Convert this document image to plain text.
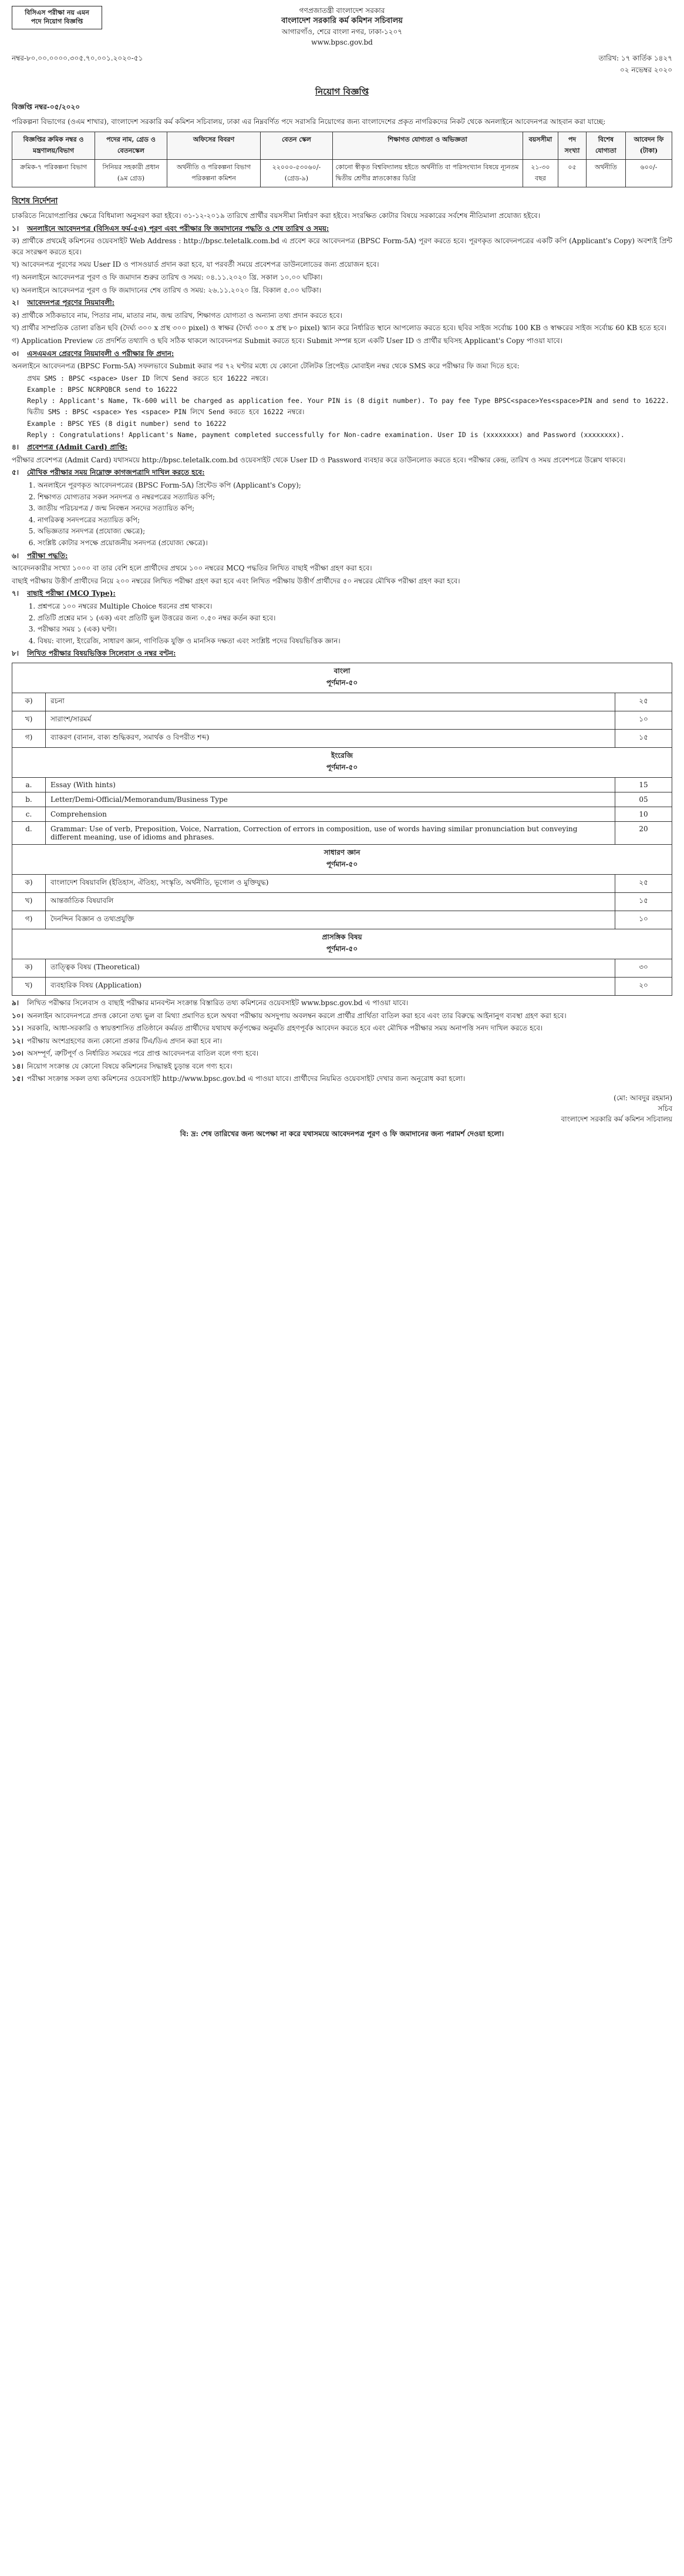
বিসিএস পরীক্ষা নয় এমন
পদে নিয়োগ বিজ্ঞপ্তি
গণপ্রজাতন্ত্রী বাংলাদেশ সরকার
বাংলাদেশ সরকারি কর্ম কমিশন সচিবালয়
আগারগাঁও, শেরে বাংলা নগর, ঢাকা-১২০৭
www.bpsc.gov.bd
নম্বর-৮০.০০.০০০০.৩০৫.৭০.০০১.২০২০-৫১	তারিখ: ১৭ কার্তিক ১৪২৭
০২ নভেম্বর ২০২০
নিয়োগ বিজ্ঞপ্তি
বিজ্ঞপ্তি নম্বর-০৫/২০২০

পরিকল্পনা বিভাগের (ওএম শাখার), বাংলাদেশ সরকারি কর্ম কমিশন সচিবালয়, ঢাকা এর নিম্নবর্ণিত পদে সরাসরি নিয়োগের জন্য বাংলাদেশের প্রকৃত নাগরিকদের নিকট থেকে অনলাইনে আবেদনপত্র আহবান করা যাচ্ছে:

বিজ্ঞপ্তির ক্রমিক নম্বর ও মন্ত্রণালয়/বিভাগ	পদের নাম, গ্রেড ও বেতনস্কেল	অফিসের বিবরণ	বেতন স্কেল	শিক্ষাগত যোগ্যতা ও অভিজ্ঞতা	বয়সসীমা	পদ সংখ্যা	বিশেষ যোগ্যতা	আবেদন ফি (টাকা)
ক্রমিক-৭ পরিকল্পনা বিভাগ	সিনিয়র সহকারী প্রধান (৯ম গ্রেড)	অর্থনীতি ও পরিকল্পনা বিভাগ পরিকল্পনা কমিশন	২২০০০-৫৩০৬০/- (গ্রেড-৯)	কোনো স্বীকৃত বিশ্ববিদ্যালয় হইতে অর্থনীতি বা পরিসংখ্যান বিষয়ে ন্যূনতম দ্বিতীয় শ্রেণীর স্নাতকোত্তর ডিগ্রি	২১-৩০ বছর	০৫	অর্থনীতি	৬০০/-
বিশেষ নির্দেশনা

চাকরিতে নিয়োগপ্রাপ্তির ক্ষেত্রে বিধিমালা অনুসরণ করা হইবে। ৩১-১২-২০১৯ তারিখে প্রার্থীর বয়সসীমা নির্ধারণ করা হইবে। সংরক্ষিত কোটার বিষয়ে সরকারের সর্বশেষ নীতিমালা প্রযোজ্য হইবে।

১। অনলাইনে আবেদনপত্র (বিসিএস ফর্ম-৫এ) পূরণ এবং পরীক্ষার ফি জমাদানের পদ্ধতি ও শেষ তারিখ ও সময়:

ক) প্রার্থীকে প্রথমেই কমিশনের ওয়েবসাইট Web Address : http://bpsc.teletalk.com.bd এ প্রবেশ করে আবেদনপত্র (BPSC Form-5A) পূরণ করতে হবে। পূরণকৃত আবেদনপত্রের একটি কপি (Applicant's Copy) অবশ্যই প্রিন্ট করে সংরক্ষণ করতে হবে।

খ) আবেদনপত্র পূরণের সময় User ID ও পাসওয়ার্ড প্রদান করা হবে, যা পরবর্তী সময়ে প্রবেশপত্র ডাউনলোডের জন্য প্রয়োজন হবে।

গ) অনলাইনে আবেদনপত্র পূরণ ও ফি জমাদান শুরুর তারিখ ও সময়: ০৪.১১.২০২০ খ্রি. সকাল ১০.০০ ঘটিকা।

ঘ) অনলাইনে আবেদনপত্র পূরণ ও ফি জমাদানের শেষ তারিখ ও সময়: ২৬.১১.২০২০ খ্রি. বিকাল ৫.০০ ঘটিকা।

২। আবেদনপত্র পূরণের নিয়মাবলী:

ক) প্রার্থীকে সঠিকভাবে নাম, পিতার নাম, মাতার নাম, জন্ম তারিখ, শিক্ষাগত যোগ্যতা ও অন্যান্য তথ্য প্রদান করতে হবে।

খ) প্রার্থীর সাম্প্রতিক তোলা রঙিন ছবি (দৈর্ঘ্য ৩০০ x প্রস্থ ৩০০ pixel) ও স্বাক্ষর (দৈর্ঘ্য ৩০০ x প্রস্থ ৮০ pixel) স্ক্যান করে নির্ধারিত স্থানে আপলোড করতে হবে। ছবির সাইজ সর্বোচ্চ 100 KB ও স্বাক্ষরের সাইজ সর্বোচ্চ 60 KB হতে হবে।

গ) Application Preview তে প্রদর্শিত তথ্যাদি ও ছবি সঠিক থাকলে আবেদনপত্র Submit করতে হবে। Submit সম্পন্ন হলে একটি User ID ও প্রার্থীর ছবিসহ Applicant's Copy পাওয়া যাবে।

৩। এসএমএস প্রেরণের নিয়মাবলী ও পরীক্ষার ফি প্রদান:

অনলাইনে আবেদনপত্র (BPSC Form-5A) সফলভাবে Submit করার পর ৭২ ঘণ্টার মধ্যে যে কোনো টেলিটক প্রিপেইড মোবাইল নম্বর থেকে SMS করে পরীক্ষার ফি জমা দিতে হবে:

প্রথম SMS : BPSC <space> User ID লিখে Send করতে হবে 16222 নম্বরে।
Example : BPSC NCRPQBCR send to 16222
Reply : Applicant's Name, Tk-600 will be charged as application fee. Your PIN is (8 digit number). To pay fee Type BPSC<space>Yes<space>PIN and send to 16222.
দ্বিতীয় SMS : BPSC <space> Yes <space> PIN লিখে Send করতে হবে 16222 নম্বরে।
Example : BPSC YES (8 digit number) send to 16222
Reply : Congratulations! Applicant's Name, payment completed successfully for Non-cadre examination. User ID is (xxxxxxxx) and Password (xxxxxxxx).

৪। প্রবেশপত্র (Admit Card) প্রাপ্তি:

পরীক্ষার প্রবেশপত্র (Admit Card) যথাসময়ে http://bpsc.teletalk.com.bd ওয়েবসাইট থেকে User ID ও Password ব্যবহার করে ডাউনলোড করতে হবে। পরীক্ষার কেন্দ্র, তারিখ ও সময় প্রবেশপত্রে উল্লেখ থাকবে।

৫। মৌখিক পরীক্ষার সময় নিম্নোক্ত কাগজপত্রাদি দাখিল করতে হবে:

1. অনলাইনে পূরণকৃত আবেদনপত্রের (BPSC Form-5A) প্রিন্টেড কপি (Applicant's Copy);
2. শিক্ষাগত যোগ্যতার সকল সনদপত্র ও নম্বরপত্রের সত্যায়িত কপি;
3. জাতীয় পরিচয়পত্র / জন্ম নিবন্ধন সনদের সত্যায়িত কপি;
4. নাগরিকত্ব সনদপত্রের সত্যায়িত কপি;
5. অভিজ্ঞতার সনদপত্র (প্রযোজ্য ক্ষেত্রে);
6. সংশ্লিষ্ট কোটার সপক্ষে প্রয়োজনীয় সনদপত্র (প্রযোজ্য ক্ষেত্রে)।

৬। পরীক্ষা পদ্ধতি:

আবেদনকারীর সংখ্যা ১০০০ বা তার বেশি হলে প্রার্থীদের প্রথমে ১০০ নম্বরের MCQ পদ্ধতির লিখিত বাছাই পরীক্ষা গ্রহণ করা হবে।

বাছাই পরীক্ষায় উত্তীর্ণ প্রার্থীদের নিয়ে ২০০ নম্বরের লিখিত পরীক্ষা গ্রহণ করা হবে এবং লিখিত পরীক্ষায় উত্তীর্ণ প্রার্থীদের ৫০ নম্বরের মৌখিক পরীক্ষা গ্রহণ করা হবে।

৭। বাছাই পরীক্ষা (MCQ Type):

1. প্রশ্নপত্রে ১০০ নম্বরের Multiple Choice ধরনের প্রশ্ন থাকবে।
2. প্রতিটি প্রশ্নের মান ১ (এক) এবং প্রতিটি ভুল উত্তরের জন্য ০.৫০ নম্বর কর্তন করা হবে।
3. পরীক্ষার সময় ১ (এক) ঘণ্টা।
4. বিষয়: বাংলা, ইংরেজি, সাধারণ জ্ঞান, গাণিতিক যুক্তি ও মানসিক দক্ষতা এবং সংশ্লিষ্ট পদের বিষয়ভিত্তিক জ্ঞান।

৮। লিখিত পরীক্ষার বিষয়ভিত্তিক সিলেবাস ও নম্বর বণ্টন:

বাংলা
পূর্ণমান-৫০		

ক)	রচনা	২৫
খ)	সারাংশ/সারমর্ম	১০
গ)	ব্যাকরণ (বানান, বাক্য শুদ্ধিকরণ, সমার্থক ও বিপরীত শব্দ)	১৫

ইংরেজি
পূর্ণমান-৫০		

a.	Essay (With hints)	15
b.	Letter/Demi-Official/Memorandum/Business Type	05
c.	Comprehension	10
d.	Grammar: Use of verb, Preposition, Voice, Narration, Correction of errors in composition, use of words having similar pronunciation but conveying different meaning, use of idioms and phrases.	20

সাধারণ জ্ঞান
পূর্ণমান-৫০		

ক)	বাংলাদেশ বিষয়াবলি (ইতিহাস, ঐতিহ্য, সংস্কৃতি, অর্থনীতি, ভূগোল ও মুক্তিযুদ্ধ)	২৫
খ)	আন্তর্জাতিক বিষয়াবলি	১৫
গ)	দৈনন্দিন বিজ্ঞান ও তথ্যপ্রযুক্তি	১০

প্রাসঙ্গিক বিষয়
পূর্ণমান-৫০		

ক)	তাত্ত্বিক বিষয় (Theoretical)	৩০
খ)	ব্যবহারিক বিষয় (Application)	২০

৯। লিখিত পরীক্ষার সিলেবাস ও বাছাই পরীক্ষার মানবণ্টন সংক্রান্ত বিস্তারিত তথ্য কমিশনের ওয়েবসাইট www.bpsc.gov.bd এ পাওয়া যাবে।

১০। অনলাইন আবেদনপত্রে প্রদত্ত কোনো তথ্য ভুল বা মিথ্যা প্রমাণিত হলে অথবা পরীক্ষায় অসদুপায় অবলম্বন করলে প্রার্থীর প্রার্থিতা বাতিল করা হবে এবং তার বিরুদ্ধে আইনানুগ ব্যবস্থা গ্রহণ করা হবে।

১১। সরকারি, আধা-সরকারি ও স্বায়ত্তশাসিত প্রতিষ্ঠানে কর্মরত প্রার্থীদের যথাযথ কর্তৃপক্ষের অনুমতি গ্রহণপূর্বক আবেদন করতে হবে এবং মৌখিক পরীক্ষার সময় অনাপত্তি সনদ দাখিল করতে হবে।

১২। পরীক্ষায় অংশগ্রহণের জন্য কোনো প্রকার টিএ/ডিএ প্রদান করা হবে না।

১৩। অসম্পূর্ণ, ত্রুটিপূর্ণ ও নির্ধারিত সময়ের পরে প্রাপ্ত আবেদনপত্র বাতিল বলে গণ্য হবে।

১৪। নিয়োগ সংক্রান্ত যে কোনো বিষয়ে কমিশনের সিদ্ধান্তই চূড়ান্ত বলে গণ্য হবে।

১৫। পরীক্ষা সংক্রান্ত সকল তথ্য কমিশনের ওয়েবসাইট http://www.bpsc.gov.bd এ পাওয়া যাবে। প্রার্থীদের নিয়মিত ওয়েবসাইট দেখার জন্য অনুরোধ করা হলো।

(মো: আবদুর রহমান)
সচিব
বাংলাদেশ সরকারি কর্ম কমিশন সচিবালয়
বি: দ্র: শেষ তারিখের জন্য অপেক্ষা না করে যথাসময়ে আবেদনপত্র পূরণ ও ফি জমাদানের জন্য পরামর্শ দেওয়া হলো।
